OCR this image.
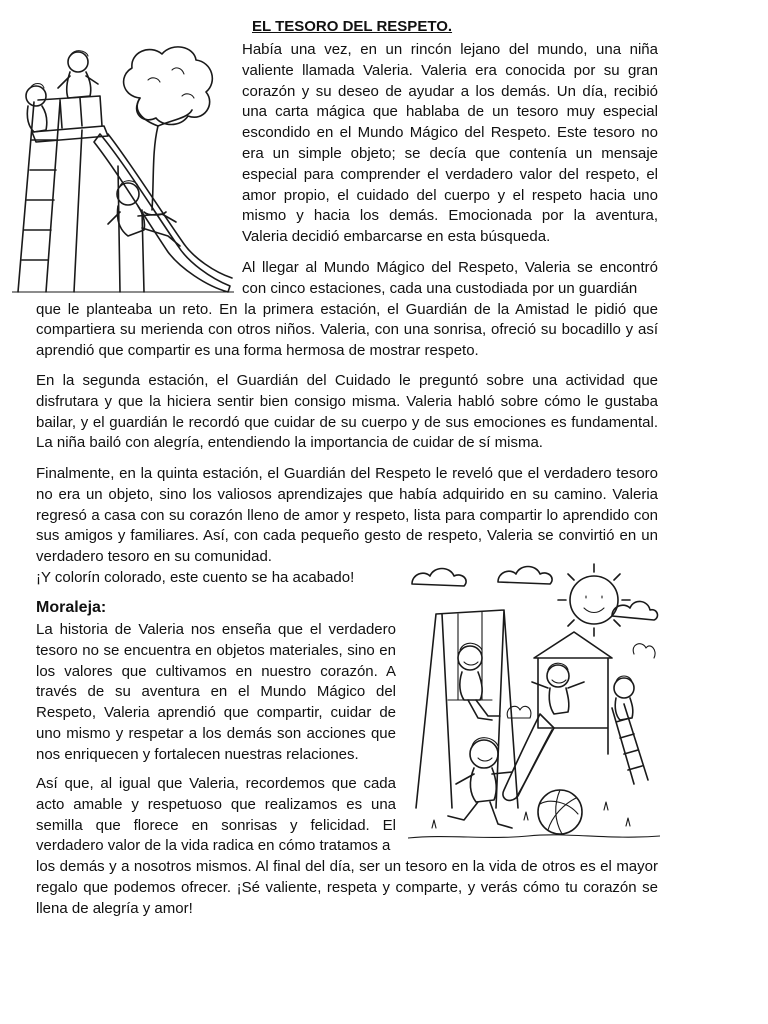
EL TESORO DEL RESPETO.

Había una vez, en un rincón lejano del mundo, una niña valiente llamada Valeria. Valeria era conocida por su gran corazón y su deseo de ayudar a los demás. Un día, recibió una carta mágica que hablaba de un tesoro muy especial escondido en el Mundo Mágico del Respeto. Este tesoro no era un simple objeto; se decía que contenía un mensaje especial para comprender el verdadero valor del respeto, el amor propio, el cuidado del cuerpo y el respeto hacia uno mismo y hacia los demás. Emocionada por la aventura, Valeria decidió embarcarse en esta búsqueda.

Al llegar al Mundo Mágico del Respeto, Valeria se encontró con cinco estaciones, cada una custodiada por un guardián

que le planteaba un reto. En la primera estación, el Guardián de la Amistad le pidió que compartiera su merienda con otros niños. Valeria, con una sonrisa, ofreció su bocadillo y así aprendió que compartir es una forma hermosa de mostrar respeto.

En la segunda estación, el Guardián del Cuidado le preguntó sobre una actividad que disfrutara y que la hiciera sentir bien consigo misma. Valeria habló sobre cómo le gustaba bailar, y el guardián le recordó que cuidar de su cuerpo y de sus emociones es fundamental. La niña bailó con alegría, entendiendo la importancia de cuidar de sí misma.

Finalmente, en la quinta estación, el Guardián del Respeto le reveló que el verdadero tesoro no era un objeto, sino los valiosos aprendizajes que había adquirido en su camino. Valeria regresó a casa con su corazón lleno de amor y respeto, lista para compartir lo aprendido con sus amigos y familiares. Así, con cada pequeño gesto de respeto, Valeria se convirtió en un verdadero tesoro en su comunidad.

¡Y colorín colorado, este cuento se ha acabado!

Moraleja:

La historia de Valeria nos enseña que el verdadero tesoro no se encuentra en objetos materiales, sino en los valores que cultivamos en nuestro corazón. A través de su aventura en el Mundo Mágico del Respeto, Valeria aprendió que compartir, cuidar de uno mismo y respetar a los demás son acciones que nos enriquecen y fortalecen nuestras relaciones.

Así que, al igual que Valeria, recordemos que cada acto amable y respetuoso que realizamos es una semilla que florece en sonrisas y felicidad. El verdadero valor de la vida radica en cómo tratamos a

los demás y a nosotros mismos. Al final del día, ser un tesoro en la vida de otros es el mayor regalo que podemos ofrecer. ¡Sé valiente, respeta y comparte, y verás cómo tu corazón se llena de alegría y amor!
